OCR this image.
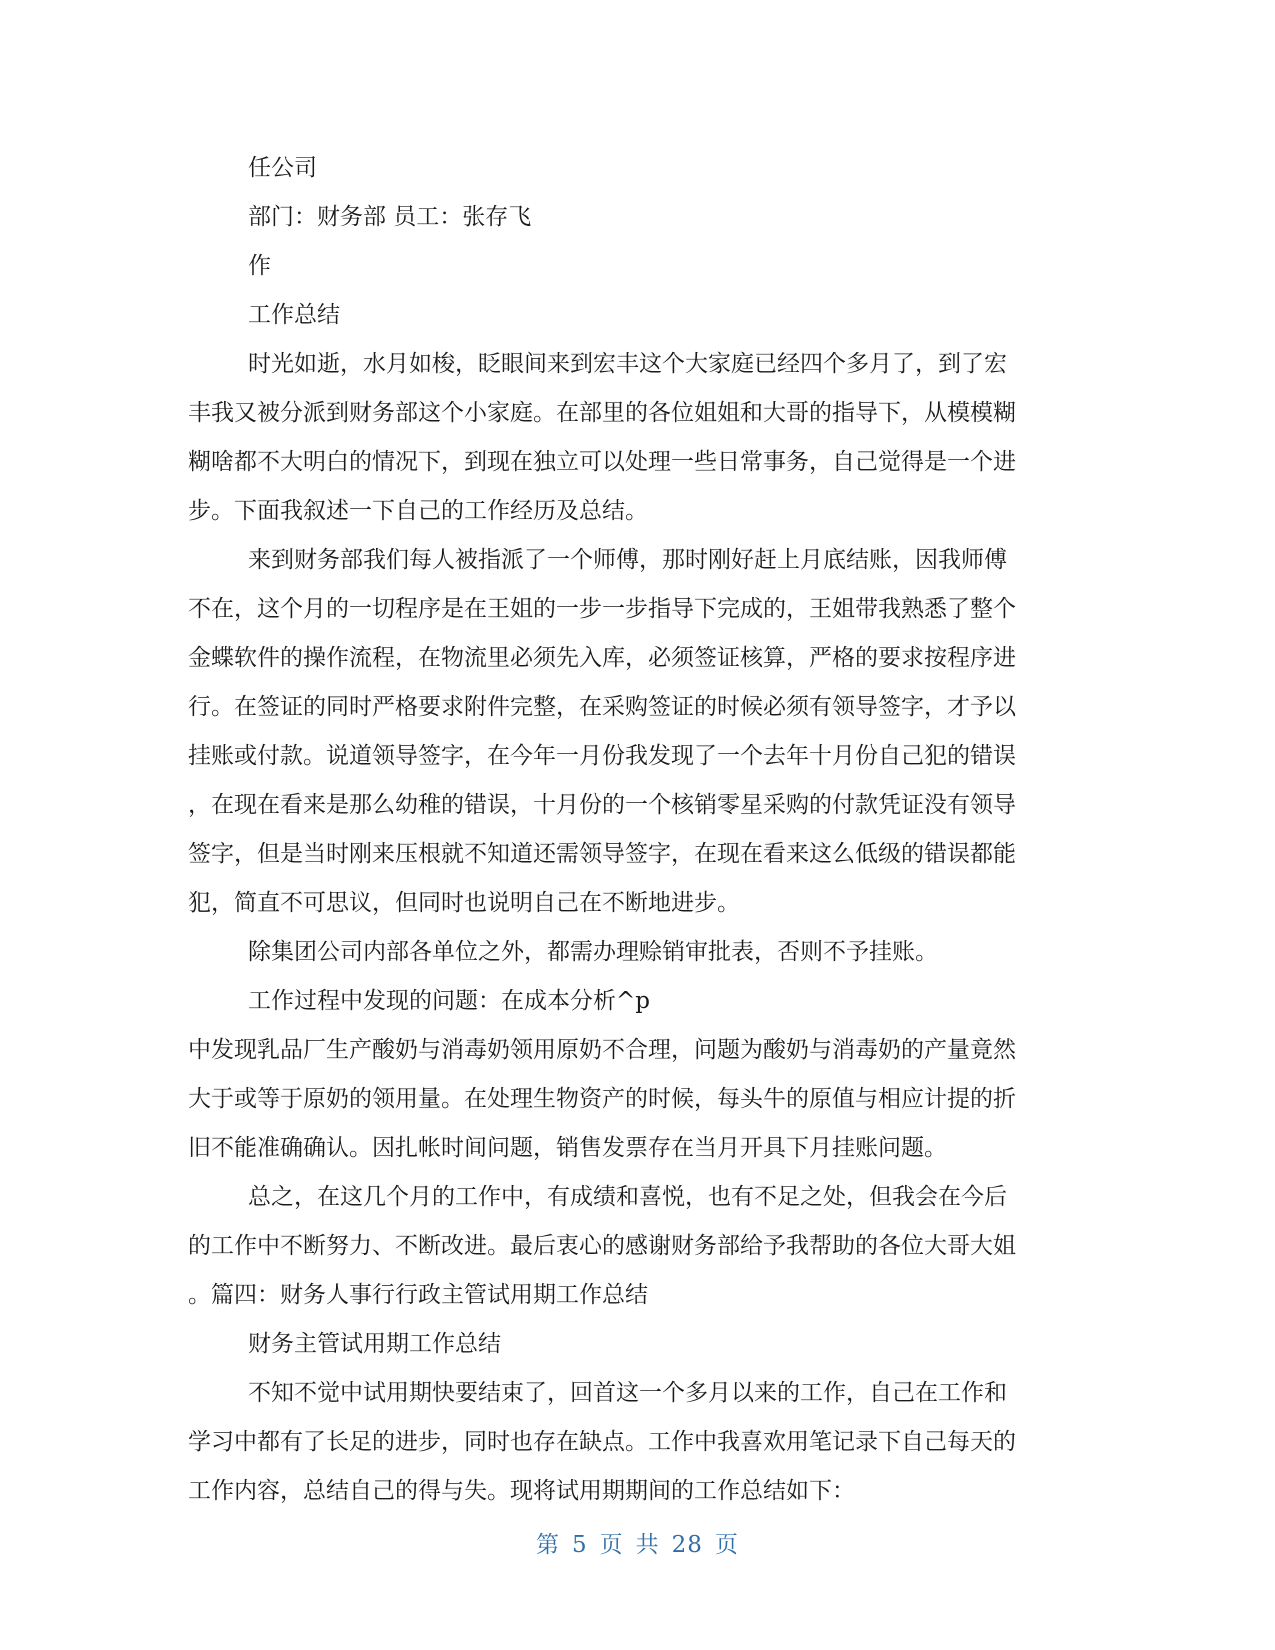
任公司

部门：财务部 员工：张存飞

作

工作总结

时光如逝，水月如梭，眨眼间来到宏丰这个大家庭已经四个多月了，到了宏

丰我又被分派到财务部这个小家庭。在部里的各位姐姐和大哥的指导下，从模模糊

糊啥都不大明白的情况下，到现在独立可以处理一些日常事务，自己觉得是一个进

步。下面我叙述一下自己的工作经历及总结。

来到财务部我们每人被指派了一个师傅，那时刚好赶上月底结账，因我师傅

不在，这个月的一切程序是在王姐的一步一步指导下完成的，王姐带我熟悉了整个

金蝶软件的操作流程，在物流里必须先入库，必须签证核算，严格的要求按程序进

行。在签证的同时严格要求附件完整，在采购签证的时候必须有领导签字，才予以

挂账或付款。说道领导签字，在今年一月份我发现了一个去年十月份自己犯的错误

，在现在看来是那么幼稚的错误，十月份的一个核销零星采购的付款凭证没有领导

签字，但是当时刚来压根就不知道还需领导签字，在现在看来这么低级的错误都能

犯，简直不可思议，但同时也说明自己在不断地进步。

除集团公司内部各单位之外，都需办理赊销审批表，否则不予挂账。

工作过程中发现的问题：在成本分析^p

中发现乳品厂生产酸奶与消毒奶领用原奶不合理，问题为酸奶与消毒奶的产量竟然

大于或等于原奶的领用量。在处理生物资产的时候，每头牛的原值与相应计提的折

旧不能准确确认。因扎帐时间问题，销售发票存在当月开具下月挂账问题。

总之，在这几个月的工作中，有成绩和喜悦，也有不足之处，但我会在今后

的工作中不断努力、不断改进。最后衷心的感谢财务部给予我帮助的各位大哥大姐

。篇四：财务人事行行政主管试用期工作总结

财务主管试用期工作总结

不知不觉中试用期快要结束了，回首这一个多月以来的工作，自己在工作和

学习中都有了长足的进步，同时也存在缺点。工作中我喜欢用笔记录下自己每天的

工作内容，总结自己的得与失。现将试用期期间的工作总结如下：

第 5 页 共 28 页
